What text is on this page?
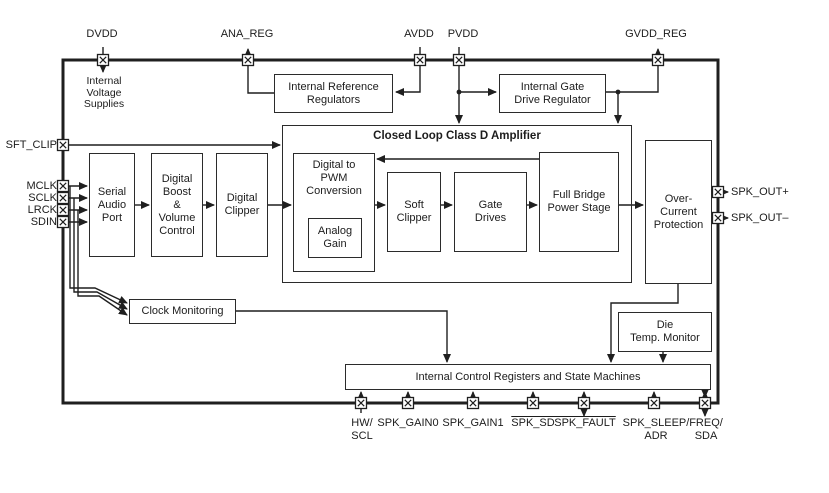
Closed Loop Class D Amplifier
Internal Reference
Regulators
Internal Gate
Drive Regulator
Serial
Audio
Port
Digital
Boost
&
Volume
Control
Digital
Clipper
Digital to
PWM
Conversion
Analog
Gain
Soft
Clipper
Gate
Drives
Full Bridge
Power Stage
Over-
Current
Protection
Clock Monitoring
Die
Temp. Monitor
Internal Control Registers and State Machines
Internal
Voltage
Supplies
DVDD	ANA_REG	AVDD PVDD	GVDD_REG
SFT_CLIP
MCLK
SCLK
LRCK
SDIN
SPK_OUT+
SPK_OUT–
HW/
SCL
SPK_GAIN0 SPK_GAIN1 SPK_SD SPK_FAULT SPK_SLEEP/
ADR
FREQ/
SDA
